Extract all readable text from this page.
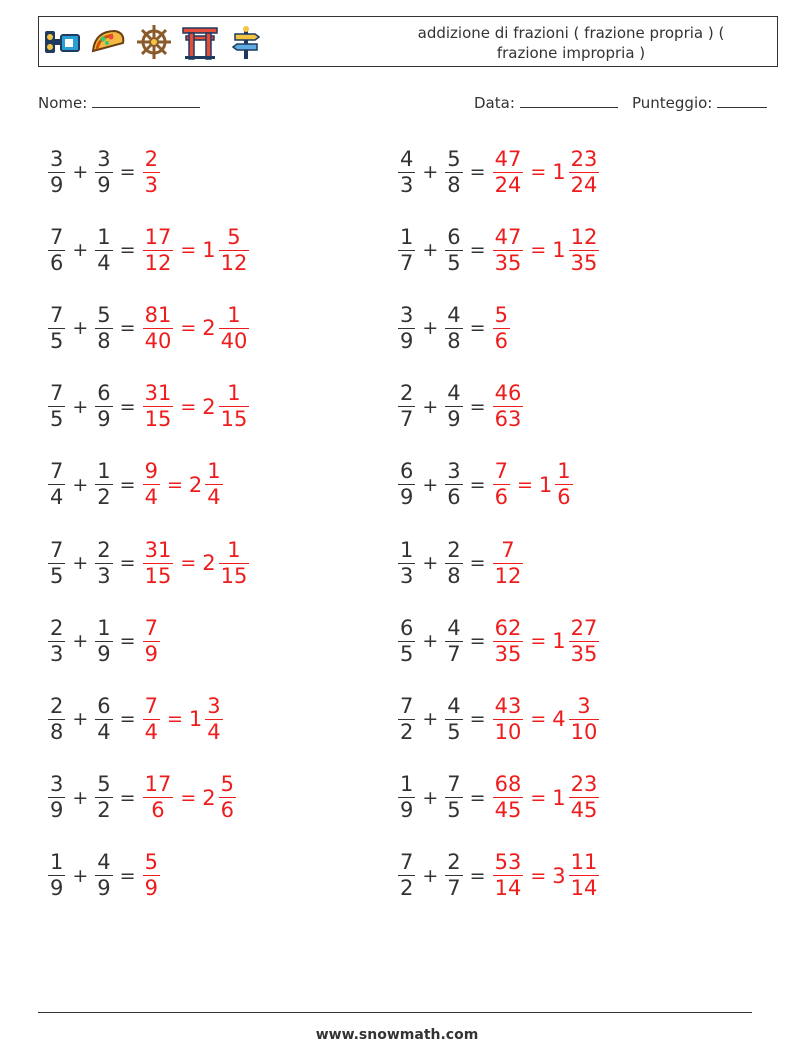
addizione di frazioni ( frazione propria ) ( frazione impropria )
Nome:	Data:	Punteggio:
$\frac{3}{9} + \frac{3}{9} = \frac{2}{3}$
$\frac{7}{6} + \frac{1}{4} = \frac{17}{12} = 1 \frac{5}{12}$
$\frac{7}{5} + \frac{5}{8} = \frac{81}{40} = 2 \frac{1}{40}$
$\frac{7}{5} + \frac{6}{9} = \frac{31}{15} = 2 \frac{1}{15}$
$\frac{7}{4} + \frac{1}{2} = \frac{9}{4} = 2 \frac{1}{4}$
$\frac{7}{5} + \frac{2}{3} = \frac{31}{15} = 2 \frac{1}{15}$
$\frac{2}{3} + \frac{1}{9} = \frac{7}{9}$
$\frac{2}{8} + \frac{6}{4} = \frac{7}{4} = 1 \frac{3}{4}$
$\frac{3}{9} + \frac{5}{2} = \frac{17}{6} = 2 \frac{5}{6}$
$\frac{1}{9} + \frac{4}{9} = \frac{5}{9}$
$\frac{4}{3} + \frac{5}{8} = \frac{47}{24} = 1 \frac{23}{24}$
$\frac{1}{7} + \frac{6}{5} = \frac{47}{35} = 1 \frac{12}{35}$
$\frac{3}{9} + \frac{4}{8} = \frac{5}{6}$
$\frac{2}{7} + \frac{4}{9} = \frac{46}{63}$
$\frac{6}{9} + \frac{3}{6} = \frac{7}{6} = 1 \frac{1}{6}$
$\frac{1}{3} + \frac{2}{8} = \frac{7}{12}$
$\frac{6}{5} + \frac{4}{7} = \frac{62}{35} = 1 \frac{27}{35}$
$\frac{7}{2} + \frac{4}{5} = \frac{43}{10} = 4 \frac{3}{10}$
$\frac{1}{9} + \frac{7}{5} = \frac{68}{45} = 1 \frac{23}{45}$
$\frac{7}{2} + \frac{2}{7} = \frac{53}{14} = 3 \frac{11}{14}$
www.snowmath.com
